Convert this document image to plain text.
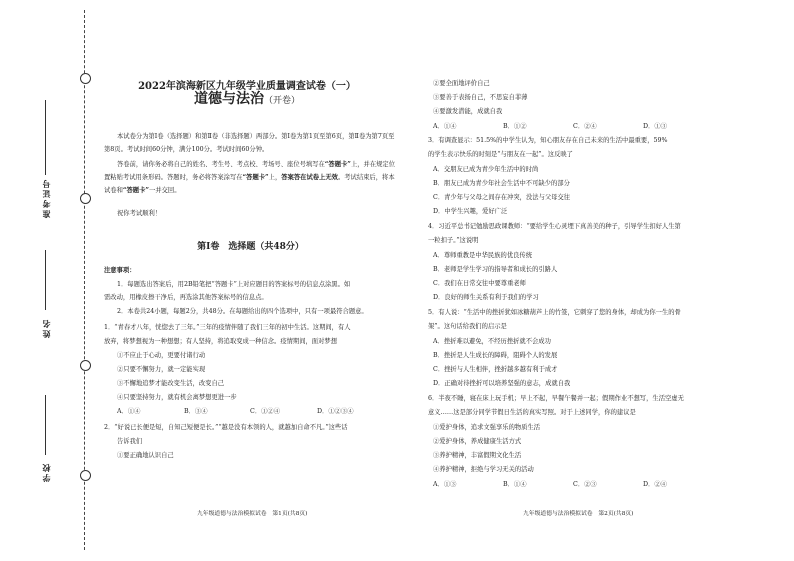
准考证号
姓名
学校
2022年滨海新区九年级学业质量调查试卷（一）
道德与法治（开卷）
本试卷分为第Ⅰ卷（选择题）和第Ⅱ卷（非选择题）两部分。第Ⅰ卷为第1页至第6页，第Ⅱ卷为第7页至第8页。考试时间60分钟，满分100分。考试时间60分钟。
答卷前，请你务必将自己的姓名、考生号、考点校、考场号、座位号填写在“答题卡”上，并在规定位置粘贴考试用条形码。答题时，务必将答案涂写在“答题卡”上，答案答在试卷上无效。考试结束后，将本试卷和“答题卡”一并交回。
祝你考试顺利！
第Ⅰ卷　选择题（共48分）
注意事项：
1．每题选出答案后，用2B铅笔把“答题卡”上对应题目的答案标号的信息点涂黑。如
需改动，用橡皮擦干净后，再选涂其他答案标号的信息点。
2．本卷共24小题，每题2分，共48分。在每题给出的四个选项中，只有一项最符合题意。
1．“青春才八年，恍惚去了三年。”三年的疫情伴随了我们三年的初中生活。这期间，有人
放弃，将梦想视为一种想想；有人坚持，将追取变成一种信念。疫情期间，面对梦想
①不应止于心动，更要付诸行动
②只要不懈努力，就一定能实现
③不懈地追梦才能改变生活，改变自己
④只要坚持努力，就有机会离梦想更进一步
A．①④	B．③④	C．①②④	D．①②③④
2．“好说已长便是短，自知己短便是长。”“越是没有本领的人，就越加自命不凡。”这些话
告诉我们
①要正确地认识自己
九年级道德与法治模拟试卷　第1页(共8页)
②要全面地评价自己
③要善于表扬自己，不思妄自菲薄
④要激发潜能，成就自我
A．①④	B．①②	C．②④	D．①③
3．有调查显示：51.5%的中学生认为，知心朋友存在自己未来的生活中最重要，59%
的学生表示快乐的时刻是“与朋友在一起”。这反映了
A．交朋友已成为青少年生活中的时尚
B．朋友已成为青少年社会生活中不可缺少的部分
C．青少年与父母之间存在冲突，没法与父母交往
D．中学生兴趣，爱好广泛
4．习近平总书记勉励思政课教师：“要给学生心灵埋下真善美的种子，引导学生扣好人生第
一粒扣子。”这说明
A．尊师重教是中华民族的优良传统
B．老师是学生学习的指导者和成长的引路人
C．我们在日常交往中要尊重老师
D．良好的师生关系有利于我们的学习
5．有人说：“生活中的挫折犹如冰糖葫芦上的竹签，它刺穿了您的身体，却成为你一生的骨
架”。这句话给我们的启示是
A．挫折难以避免，不经历挫折就不会成功
B．挫折是人生成长的障碍，阻碍个人的发展
C．挫折与人生相伴，挫折越多越有利于成才
D．正确对待挫折可以培养坚强的意志，成就自我
6．半夜不睡，寝在床上玩手机；早上不起，早餐午餐并一起；假期作业不想写，生活空虚无
意义……这是部分同学节假日生活的真实写照。对于上述同学，你的建议是
①爱护身体，追求文强享乐的物质生活
②爱护身体，养成健康生活方式
③养护精神，丰富假期文化生活
④养护精神，拒绝与学习无关的活动
A．①③	B．①④	C．②③	D．②④
九年级道德与法治模拟试卷　第2页(共8页)
